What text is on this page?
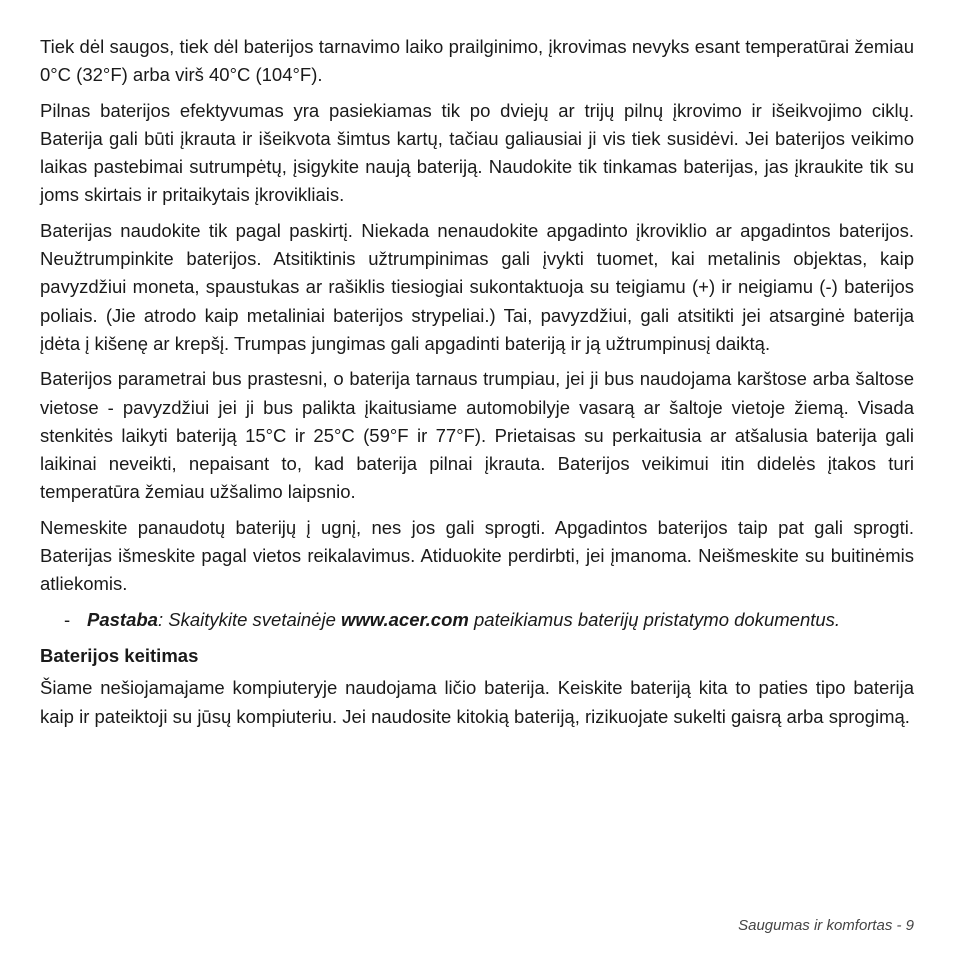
Tiek dėl saugos, tiek dėl baterijos tarnavimo laiko prailginimo, įkrovimas nevyks esant temperatūrai žemiau 0°C (32°F) arba virš 40°C (104°F).

Pilnas baterijos efektyvumas yra pasiekiamas tik po dviejų ar trijų pilnų įkrovimo ir išeikvojimo ciklų. Baterija gali būti įkrauta ir išeikvota šimtus kartų, tačiau galiausiai ji vis tiek susidėvi. Jei baterijos veikimo laikas pastebimai sutrumpėtų, įsigykite naują bateriją. Naudokite tik tinkamas baterijas, jas įkraukite tik su joms skirtais ir pritaikytais įkrovikliais.

Baterijas naudokite tik pagal paskirtį. Niekada nenaudokite apgadinto įkroviklio ar apgadintos baterijos. Neužtrumpinkite baterijos. Atsitiktinis užtrumpinimas gali įvykti tuomet, kai metalinis objektas, kaip pavyzdžiui moneta, spaustukas ar rašiklis tiesiogiai sukontaktuoja su teigiamu (+) ir neigiamu (-) baterijos poliais. (Jie atrodo kaip metaliniai baterijos strypeliai.) Tai, pavyzdžiui, gali atsitikti jei atsarginė baterija įdėta į kišenę ar krepšį. Trumpas jungimas gali apgadinti bateriją ir ją užtrumpinusį daiktą.

Baterijos parametrai bus prastesni, o baterija tarnaus trumpiau, jei ji bus naudojama karštose arba šaltose vietose - pavyzdžiui jei ji bus palikta įkaitusiame automobilyje vasarą ar šaltoje vietoje žiemą. Visada stenkitės laikyti bateriją 15°C ir 25°C (59°F ir 77°F). Prietaisas su perkaitusia ar atšalusia baterija gali laikinai neveikti, nepaisant to, kad baterija pilnai įkrauta. Baterijos veikimui itin didelės įtakos turi temperatūra žemiau užšalimo laipsnio.

Nemeskite panaudotų baterijų į ugnį, nes jos gali sprogti. Apgadintos baterijos taip pat gali sprogti. Baterijas išmeskite pagal vietos reikalavimus. Atiduokite perdirbti, jei įmanoma. Neišmeskite su buitinėmis atliekomis.

- Pastaba: Skaitykite svetainėje www.acer.com pateikiamus baterijų pristatymo dokumentus.
Baterijos keitimas

Šiame nešiojamajame kompiuteryje naudojama ličio baterija. Keiskite bateriją kita to paties tipo baterija kaip ir pateiktoji su jūsų kompiuteriu. Jei naudosite kitokią bateriją, rizikuojate sukelti gaisrą arba sprogimą.

Saugumas ir komfortas - 9
